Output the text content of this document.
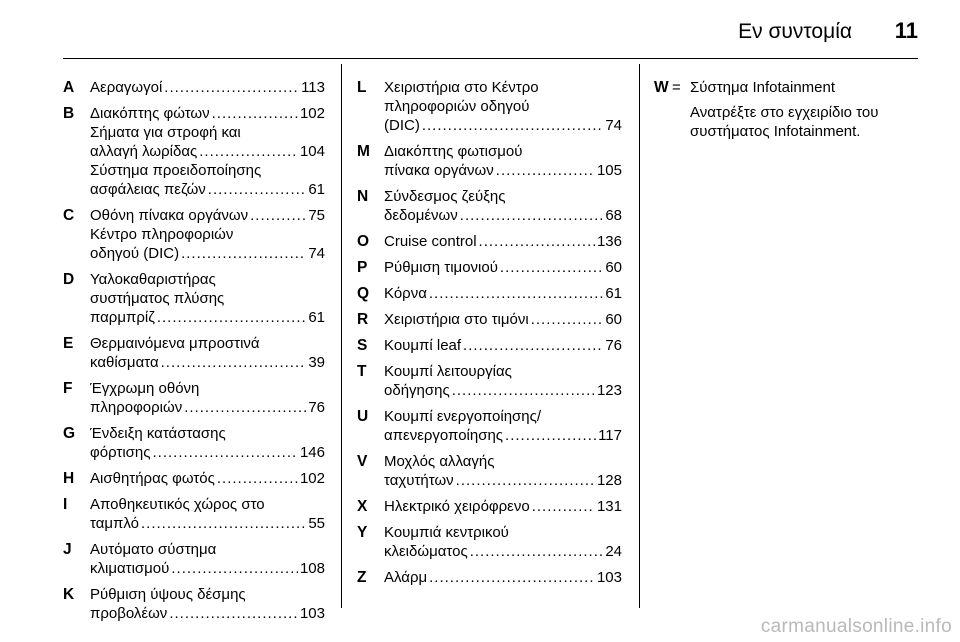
Εν συντομία 11
A	Αεραγωγοί .....	113
B	Διακόπτης φώτων .....	102
Σήματα για στροφή και
αλλαγή λωρίδας .....	104
Σύστημα προειδοποίησης
ασφάλειας πεζών .....	61
C	Οθόνη πίνακα οργάνων .....	75
Κέντρο πληροφοριών
οδηγού (DIC) .....	74
D	Υαλοκαθαριστήρας
συστήματος πλύσης
παρμπρίζ .....	61
E	Θερμαινόμενα μπροστινά
καθίσματα .....	39
F	Έγχρωμη οθόνη
πληροφοριών .....	76
G Ένδειξη κατάστασης
φόρτισης .....	146
H	Αισθητήρας φωτός .....	102
I	Αποθηκευτικός χώρος στο
ταμπλό .....	55
J	Αυτόματο σύστημα
κλιματισμού .....	108
K	Ρύθμιση ύψους δέσμης
προβολέων .....	103
L	Χειριστήρια στο Κέντρο
πληροφοριών οδηγού
(DIC) .....	74
M Διακόπτης φωτισμού
πίνακα οργάνων .....	105
N	Σύνδεσμος ζεύξης
δεδομένων .....	68
O Cruise control .....	136
P	Ρύθμιση τιμονιού .....	60
Q Κόρνα .....	61
R	Χειριστήρια στο τιμόνι .....	60
S	Κουμπί leaf .....	76
T	Κουμπί λειτουργίας
οδήγησης .....	123
U	Κουμπί ενεργοποίησης/
απενεργοποίησης .....	117
V	Μοχλός αλλαγής
ταχυτήτων .....	128
X	Ηλεκτρικό χειρόφρενο .....	131
Y	Κουμπιά κεντρικού
κλειδώματος .....	24
Z	Αλάρμ .....	103
W = Σύστημα Infotainment
Ανατρέξτε στο εγχειρίδιο του
συστήματος Infotainment.
carmanualsonline.info
